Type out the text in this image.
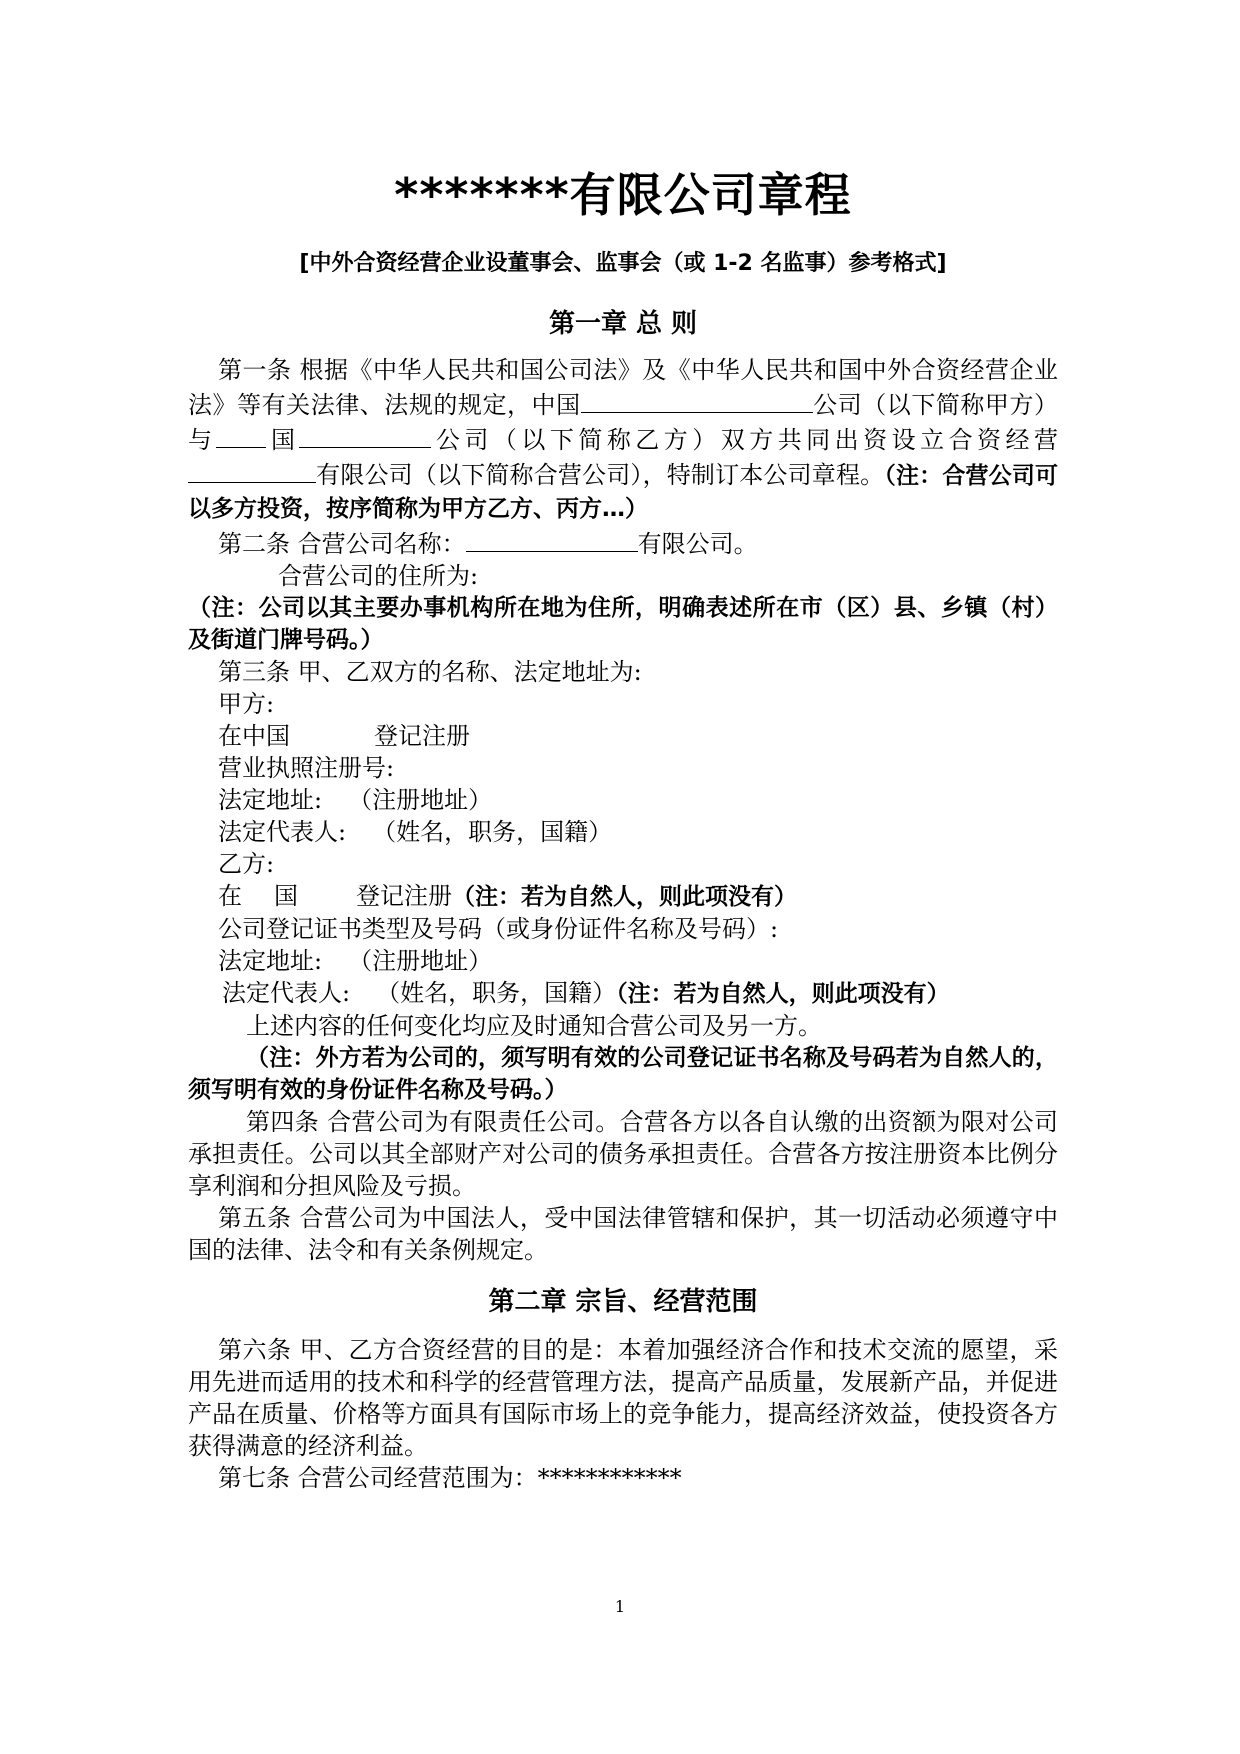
*******有限公司章程
[中外合资经营企业设董事会、监事会（或 1-2 名监事）参考格式]
第一章 总 则

第一条 根据《中华人民共和国公司法》及《中华人民共和国中外合资经营企业法》等有关法律、法规的规定，中国	公司（以下简称甲方）与 国	公司（以下简称乙方）双方共同出资设立合资经营有限公司（以下简称合营公司），特制订本公司章程。（注：合营公司可以多方投资，按序简称为甲方乙方、丙方…）

第二条 合营公司名称：	有限公司。

合营公司的住所为:

（注：公司以其主要办事机构所在地为住所，明确表述所在市（区）县、乡镇（村）及街道门牌号码。）

第三条 甲、乙双方的名称、法定地址为:

甲方:

在中国	登记注册

营业执照注册号:

法定地址: （注册地址）

法定代表人: （姓名，职务，国籍）

乙方:

在 国 登记注册（注：若为自然人，则此项没有）

公司登记证书类型及号码（或身份证件名称及号码）:

法定地址: （注册地址）

法定代表人: （姓名，职务，国籍）（注：若为自然人，则此项没有）

上述内容的任何变化均应及时通知合营公司及另一方。

（注：外方若为公司的，须写明有效的公司登记证书名称及号码若为自然人的，须写明有效的身份证件名称及号码。）

第四条 合营公司为有限责任公司。合营各方以各自认缴的出资额为限对公司承担责任。公司以其全部财产对公司的债务承担责任。合营各方按注册资本比例分享利润和分担风险及亏损。

第五条 合营公司为中国法人，受中国法律管辖和保护，其一切活动必须遵守中国的法律、法令和有关条例规定。

第二章 宗旨、经营范围

第六条 甲、乙方合资经营的目的是：本着加强经济合作和技术交流的愿望，采用先进而适用的技术和科学的经营管理方法，提高产品质量，发展新产品，并促进产品在质量、价格等方面具有国际市场上的竞争能力，提高经济效益，使投资各方获得满意的经济利益。

第七条 合营公司经营范围为：************

1
